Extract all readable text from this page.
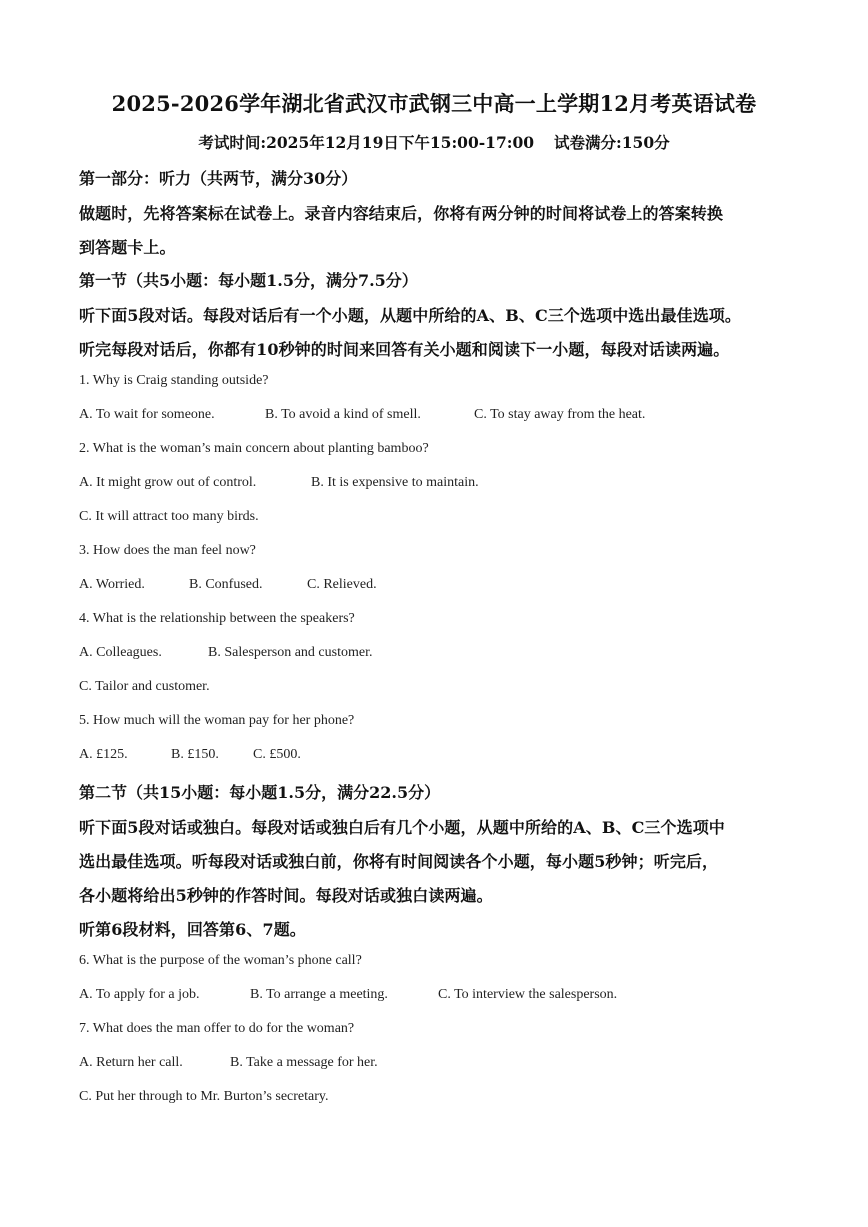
2025-2026学年湖北省武汉市武钢三中高一上学期12月考英语试卷
考试时间:2025年12月19日下午15:00-17:00 试卷满分:150分
第一部分：听力（共两节，满分30分）
做题时，先将答案标在试卷上。录音内容结束后，你将有两分钟的时间将试卷上的答案转换
到答题卡上。
第一节（共5小题：每小题1.5分，满分7.5分）
听下面5段对话。每段对话后有一个小题，从题中所给的A、B、C三个选项中选出最佳选项。
听完每段对话后，你都有10秒钟的时间来回答有关小题和阅读下一小题，每段对话读两遍。
1. Why is Craig standing outside?
A. To wait for someone.	B. To avoid a kind of smell.	C. To stay away from the heat.
2. What is the woman’s main concern about planting bamboo?
A. It might grow out of control.	B. It is expensive to maintain.
C. It will attract too many birds.
3. How does the man feel now?
A. Worried.	B. Confused.	C. Relieved.
4. What is the relationship between the speakers?
A. Colleagues.	B. Salesperson and customer.
C. Tailor and customer.
5. How much will the woman pay for her phone?
A. £125.	B. £150. C. £500.
第二节（共15小题：每小题1.5分，满分22.5分）
听下面5段对话或独白。每段对话或独白后有几个小题，从题中所给的A、B、C三个选项中
选出最佳选项。听每段对话或独白前，你将有时间阅读各个小题，每小题5秒钟；听完后，
各小题将给出5秒钟的作答时间。每段对话或独白读两遍。
听第6段材料，回答第6、7题。
6. What is the purpose of the woman’s phone call?
A. To apply for a job.	B. To arrange a meeting.	C. To interview the salesperson.
7. What does the man offer to do for the woman?
A. Return her call.	B. Take a message for her.
C. Put her through to Mr. Burton’s secretary.
